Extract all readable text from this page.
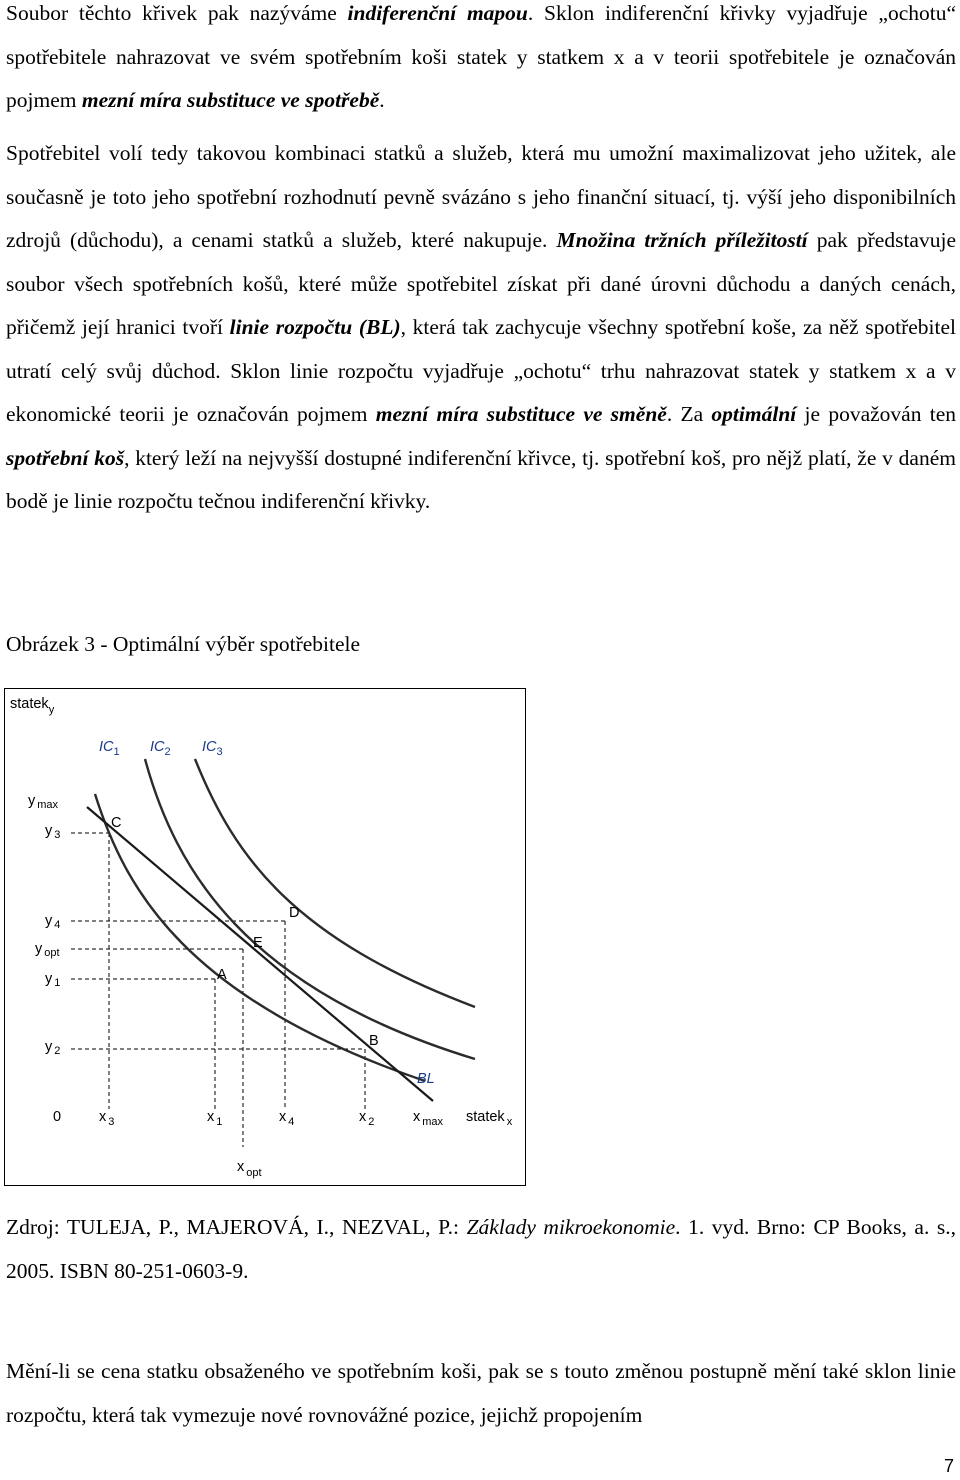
Soubor těchto křivek pak nazýváme indiferenční mapou. Sklon indiferenční křivky vyjadřuje „ochotu“ spotřebitele nahrazovat ve svém spotřebním koši statek y statkem x a v teorii spotřebitele je označován pojmem mezní míra substituce ve spotřebě.

Spotřebitel volí tedy takovou kombinaci statků a služeb, která mu umožní maximalizovat jeho užitek, ale současně je toto jeho spotřební rozhodnutí pevně svázáno s jeho finanční situací, tj. výší jeho disponibilních zdrojů (důchodu), a cenami statků a služeb, které nakupuje. Množina tržních příležitostí pak představuje soubor všech spotřebních košů, které může spotřebitel získat při dané úrovni důchodu a daných cenách, přičemž její hranici tvoří linie rozpočtu (BL), která tak zachycuje všechny spotřební koše, za něž spotřebitel utratí celý svůj důchod. Sklon linie rozpočtu vyjadřuje „ochotu“ trhu nahrazovat statek y statkem x a v ekonomické teorii je označován pojmem mezní míra substituce ve směně. Za optimální je považován ten spotřební koš, který leží na nejvyšší dostupné indiferenční křivce, tj. spotřební koš, pro nějž platí, že v daném bodě je linie rozpočtu tečnou indiferenční křivky.

Obrázek 3 - Optimální výběr spotřebitele
statek$_y$
$IC_1$ $IC_2$ $IC_3$
y $_{max}$
y $_3$
y $_4$
y $_{opt}$
y $_1$
y $_2$
0	x $_3$	x $_1$	x $_4$	x $_2$	x $_{max}$
x $_{opt}$
statek $_x$
C
D
E
A
B
BL
Zdroj: TULEJA, P., MAJEROVÁ, I., NEZVAL, P.: Základy mikroekonomie. 1. vyd. Brno: CP Books, a. s., 2005. ISBN 80-251-0603-9.

Mění-li se cena statku obsaženého ve spotřebním koši, pak se s touto změnou postupně mění také sklon linie rozpočtu, která tak vymezuje nové rovnovážné pozice, jejichž propojením

7
